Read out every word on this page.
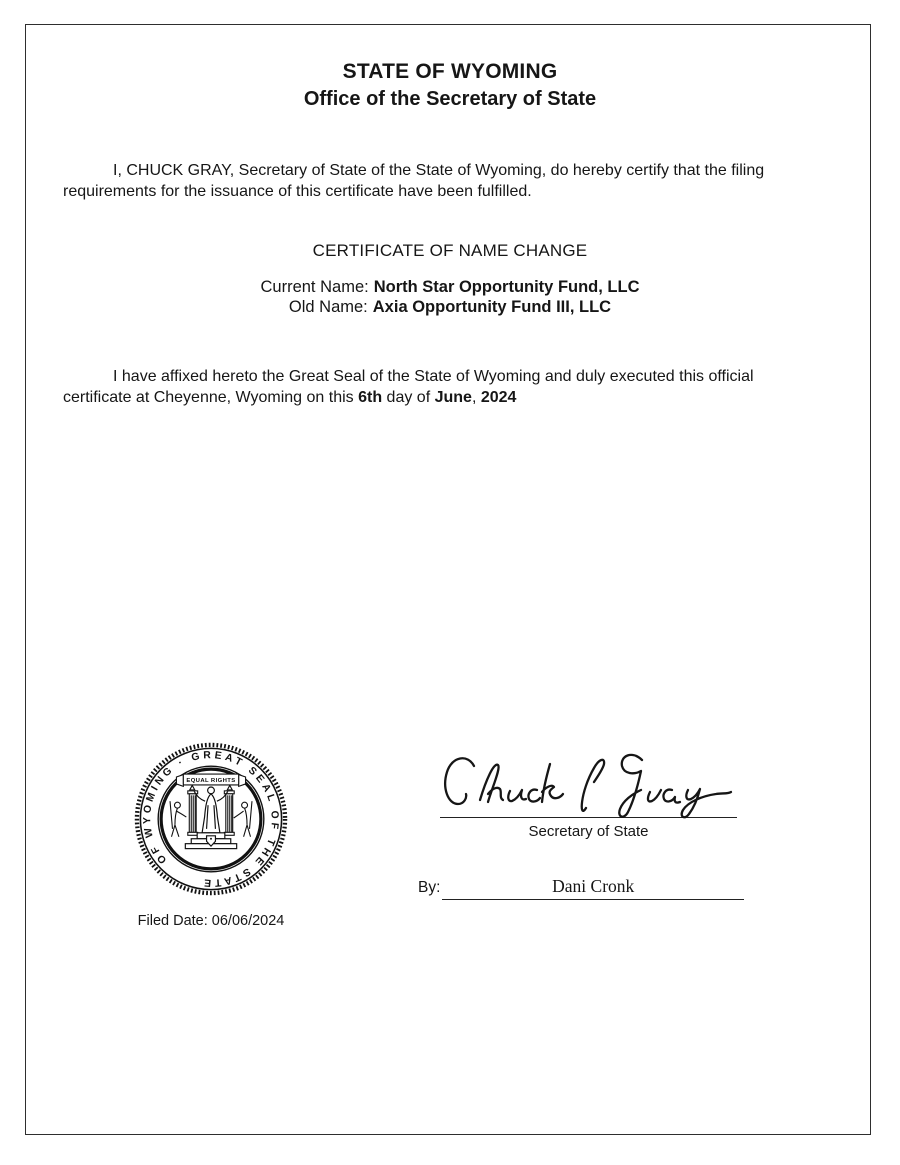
STATE OF WYOMING
Office of the Secretary of State

I, CHUCK GRAY, Secretary of State of the State of Wyoming, do hereby certify that the filing
requirements for the issuance of this certificate have been fulfilled.

CERTIFICATE OF NAME CHANGE
Current Name: North Star Opportunity Fund, LLC
Old Name: Axia Opportunity Fund III, LLC

I have affixed hereto the Great Seal of the State of Wyoming and duly executed this official
certificate at Cheyenne, Wyoming on this 6th day of June, 2024

OF WYOMING · GREAT SEAL OF THE STATE
EQUAL RIGHTS
Filed Date: 06/06/2024
Secretary of State
By:	Dani Cronk
